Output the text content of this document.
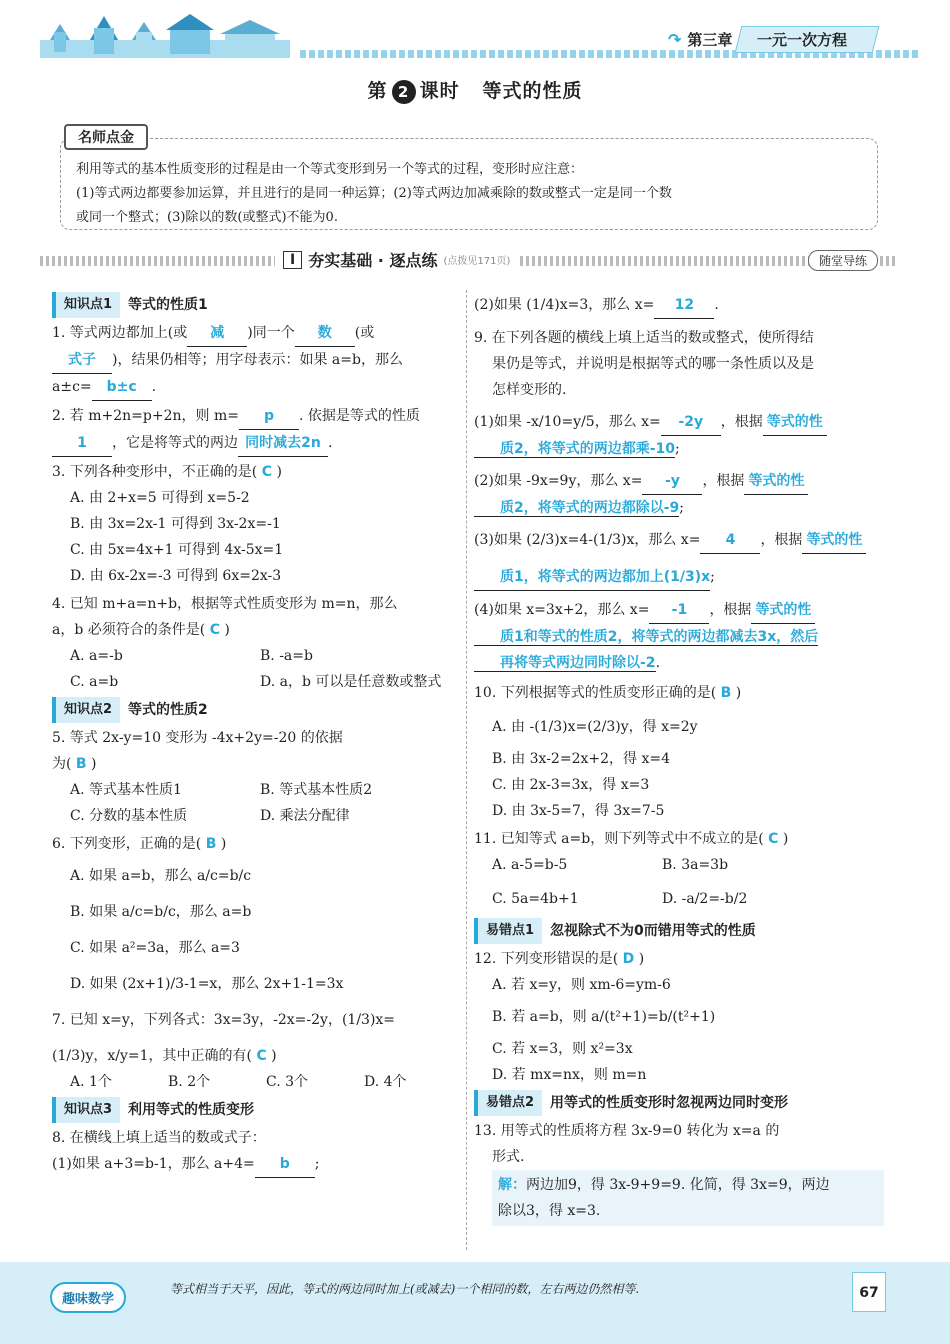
↷ 第三章	一元一次方程
第 2 课时 等式的性质
名师点金
利用等式的基本性质变形的过程是由一个等式变形到另一个等式的过程，变形时应注意：
(1)等式两边都要参加运算，并且进行的是同一种运算；(2)等式两边加减乘除的数或整式一定是同一个数
或同一个整式；(3)除以的数(或整式)不能为0.
I 夯实基础 · 逐点练 (点拨见171页)	随堂导练
知识点1	等式的性质1
1. 等式两边都加上(或 减 )同一个 数 (或
式子 )，结果仍相等；用字母表示：如果 a=b，那么
a±c= b±c .
2. 若 m+2n=p+2n，则 m= p . 依据是等式的性质
1 ，它是将等式的两边 同时减去2n .
3. 下列各种变形中，不正确的是( C )
A. 由 2+x=5 可得到 x=5-2
B. 由 3x=2x-1 可得到 3x-2x=-1
C. 由 5x=4x+1 可得到 4x-5x=1
D. 由 6x-2x=-3 可得到 6x=2x-3
4. 已知 m+a=n+b，根据等式性质变形为 m=n，那么
a，b 必须符合的条件是( C )
A. a=-b	B. -a=b
C. a=b	D. a，b 可以是任意数或整式
知识点2	等式的性质2
5. 等式 2x-y=10 变形为 -4x+2y=-20 的依据
为( B )
A. 等式基本性质1	B. 等式基本性质2
C. 分数的基本性质	D. 乘法分配律
6. 下列变形，正确的是( B )
A. 如果 a=b，那么 a/c=b/c
B. 如果 a/c=b/c，那么 a=b
C. 如果 a²=3a，那么 a=3
D. 如果 (2x+1)/3-1=x，那么 2x+1-1=3x
7. 已知 x=y，下列各式：3x=3y，-2x=-2y，(1/3)x=
(1/3)y，x/y=1，其中正确的有( C )
A. 1个	B. 2个	C. 3个	D. 4个
知识点3	利用等式的性质变形
8. 在横线上填上适当的数或式子：
(1)如果 a+3=b-1，那么 a+4= b ;
(2)如果 (1/4)x=3，那么 x= 12 .
9. 在下列各题的横线上填上适当的数或整式，使所得结
果仍是等式，并说明是根据等式的哪一条性质以及是
怎样变形的.
(1)如果 -x/10=y/5，那么 x= -2y ，根据 等式的性
质2，将等式的两边都乘-10;
(2)如果 -9x=9y，那么 x= -y ，根据 等式的性
质2，将等式的两边都除以-9;
(3)如果 (2/3)x=4-(1/3)x，那么 x= 4 ，根据 等式的性
质1，将等式的两边都加上(1/3)x;
(4)如果 x=3x+2，那么 x= -1 ，根据 等式的性
质1和等式的性质2，将等式的两边都减去3x，然后
再将等式两边同时除以-2.
10. 下列根据等式的性质变形正确的是( B )
A. 由 -(1/3)x=(2/3)y，得 x=2y
B. 由 3x-2=2x+2，得 x=4
C. 由 2x-3=3x，得 x=3
D. 由 3x-5=7，得 3x=7-5
11. 已知等式 a=b，则下列等式中不成立的是( C )
A. a-5=b-5	B. 3a=3b
C. 5a=4b+1	D. -a/2=-b/2
易错点1	忽视除式不为0而错用等式的性质
12. 下列变形错误的是( D )
A. 若 x=y，则 xm-6=ym-6
B. 若 a=b，则 a/(t²+1)=b/(t²+1)
C. 若 x=3，则 x²=3x
D. 若 mx=nx，则 m=n
易错点2	用等式的性质变形时忽视两边同时变形
13. 用等式的性质将方程 3x-9=0 转化为 x=a 的
形式.
解：两边加9，得 3x-9+9=9. 化简，得 3x=9，两边
除以3，得 x=3.
趣味数学
等式相当于天平，因此，等式的两边同时加上(或减去)一个相同的数，左右两边仍然相等.	67
